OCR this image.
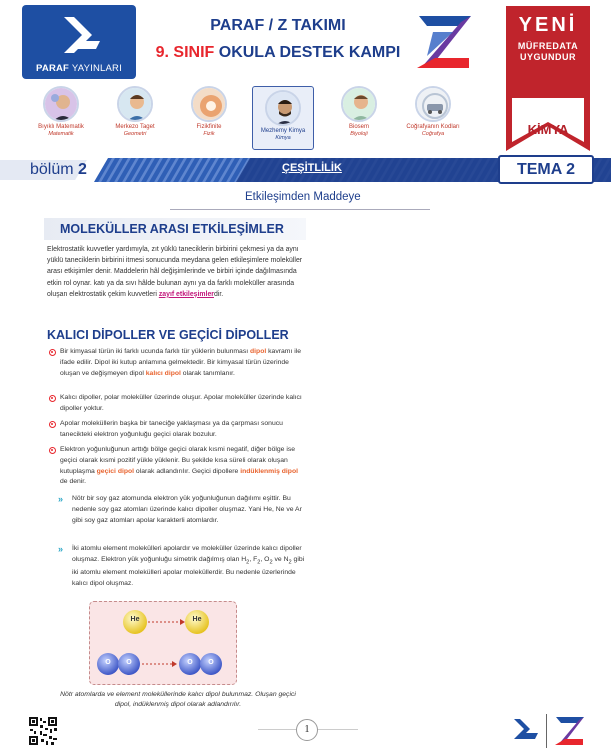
PARAF YAYINLARI
PARAF / Z TAKIMI
9. SINIF OKULA DESTEK KAMPI
YENİ
MÜFREDATA
UYGUNDUR
KİMYA
Bıyıklı Matematik
Matematik
Merkezo Taget
Geometri
Fizikfinite
Fizik	Mezhemy Kimya
Kimya
Biosem
Biyoloji
Coğrafyanın Kodları
Coğrafya
bölüm 2	ÇEŞİTLİLİK	TEMA 2
Etkileşimden Maddeye
MOLEKÜLLER ARASI ETKİLEŞİMLER
Elektrostatik kuvvetler yardımıyla, zıt yüklü taneciklerin birbirini çekmesi ya da aynı yüklü taneciklerin birbirini itmesi sonucunda meydana gelen etkileşimlere moleküller arası etkişimler denir. Maddelerin hâl değişimlerinde ve birbiri içinde dağılmasında etkin rol oynar. katı ya da sıvı hâlde bulunan aynı ya da farklı moleküller arasında oluşan elektrostatik çekim kuvvetleri zayıf etkileşimlerdir.
KALICI DİPOLLER VE GEÇİCİ DİPOLLER
Bir kimyasal türün iki farklı ucunda farklı tür yüklerin bulunması dipol kavramı ile ifade edilir. Dipol iki kutup anlamına gelmektedir. Bir kimyasal türün üzerinde oluşan ve değişmeyen dipol kalıcı dipol olarak tanımlanır.
Kalıcı dipoller, polar moleküller üzerinde oluşur. Apolar moleküller üzerinde kalıcı dipoller yoktur.
Apolar moleküllerin başka bir taneciğe yaklaşması ya da çarpması sonucu tanecikteki elektron yoğunluğu geçici olarak bozulur.
Elektron yoğunluğunun arttığı bölge geçici olarak kısmi negatif, diğer bölge ise geçici olarak kısmi pozitif yükle yüklenir. Bu şekilde kısa süreli olarak oluşan kutuplaşma geçici dipol olarak adlandırılır. Geçici dipollere indüklenmiş dipol de denir.
» Nötr bir soy gaz atomunda elektron yük yoğunluğunun dağılımı eşittir. Bu nedenle soy gaz atomları üzerinde kalıcı dipoller oluşmaz. Yani He, Ne ve Ar gibi soy gaz atomları apolar karakterli atomlardır.
» İki atomlu element molekülleri apolardır ve moleküller üzerinde kalıcı dipoller oluşmaz. Elektron yük yoğunluğu simetrik dağılmış olan $H_2$, $F_2$, $O_2$ ve $N_2$ gibi iki atomlu element molekülleri apolar moleküllerdir. Bu nedenle üzerlerinde kalıcı dipol oluşmaz.
He	He
O	O	O	O
Nötr atomlarda ve element moleküllerinde kalıcı dipol bulunmaz. Oluşan geçici dipol, indüklenmiş dipol olarak adlandırılır.
1
